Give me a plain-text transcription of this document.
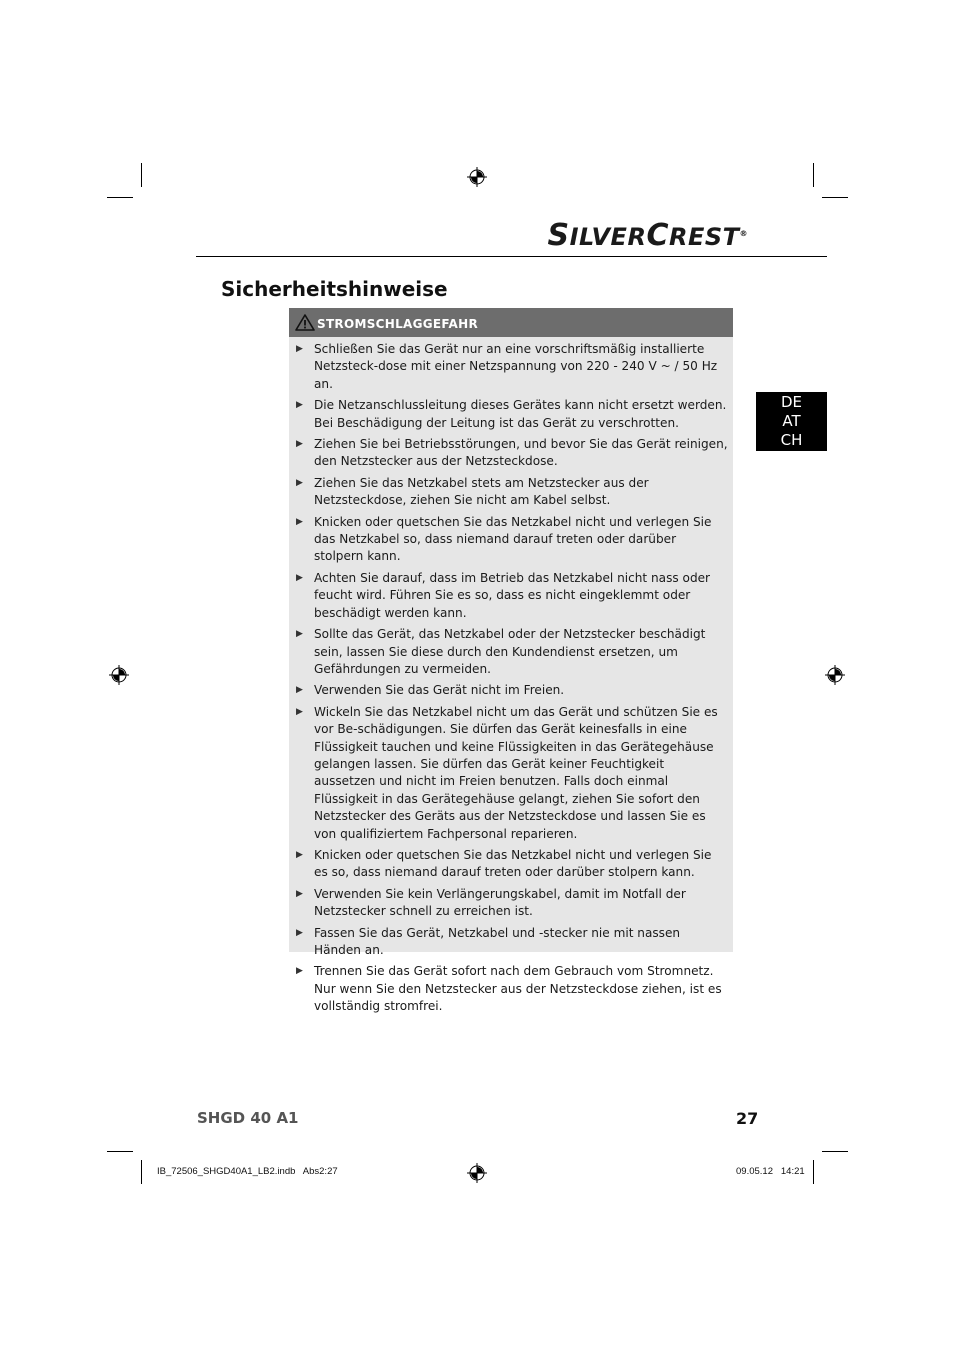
SILVERCREST®
Sicherheitshinweise
STROMSCHLAGGEFAHR
▶ Schließen Sie das Gerät nur an eine vorschriftsmäßig installierte Netzsteck-dose mit einer Netzspannung von 220 - 240 V ~ / 50 Hz an.
▶ Die Netzanschlussleitung dieses Gerätes kann nicht ersetzt werden. Bei Beschädigung der Leitung ist das Gerät zu verschrotten.
▶ Ziehen Sie bei Betriebsstörungen, und bevor Sie das Gerät reinigen, den Netzstecker aus der Netzsteckdose.
▶ Ziehen Sie das Netzkabel stets am Netzstecker aus der Netzsteckdose, ziehen Sie nicht am Kabel selbst.
▶ Knicken oder quetschen Sie das Netzkabel nicht und verlegen Sie das Netzkabel so, dass niemand darauf treten oder darüber stolpern kann.
▶ Achten Sie darauf, dass im Betrieb das Netzkabel nicht nass oder feucht wird. Führen Sie es so, dass es nicht eingeklemmt oder beschädigt werden kann.
▶ Sollte das Gerät, das Netzkabel oder der Netzstecker beschädigt sein, lassen Sie diese durch den Kundendienst ersetzen, um Gefährdungen zu vermeiden.
▶ Verwenden Sie das Gerät nicht im Freien.
▶ Wickeln Sie das Netzkabel nicht um das Gerät und schützen Sie es vor Be-schädigungen. Sie dürfen das Gerät keinesfalls in eine Flüssigkeit tauchen und keine Flüssigkeiten in das Gerätegehäuse gelangen lassen. Sie dürfen das Gerät keiner Feuchtigkeit aussetzen und nicht im Freien benutzen. Falls doch einmal Flüssigkeit in das Gerätegehäuse gelangt, ziehen Sie sofort den Netzstecker des Geräts aus der Netzsteckdose und lassen Sie es von qualifiziertem Fachpersonal reparieren.
▶ Knicken oder quetschen Sie das Netzkabel nicht und verlegen Sie es so, dass niemand darauf treten oder darüber stolpern kann.
▶ Verwenden Sie kein Verlängerungskabel, damit im Notfall der Netzstecker schnell zu erreichen ist.
▶ Fassen Sie das Gerät, Netzkabel und -stecker nie mit nassen Händen an.
▶ Trennen Sie das Gerät sofort nach dem Gebrauch vom Stromnetz. Nur wenn Sie den Netzstecker aus der Netzsteckdose ziehen, ist es vollständig stromfrei.
DE
AT
CH
SHGD 40 A1	27
IB_72506_SHGD40A1_LB2.indb   Abs2:27	09.05.12   14:21
